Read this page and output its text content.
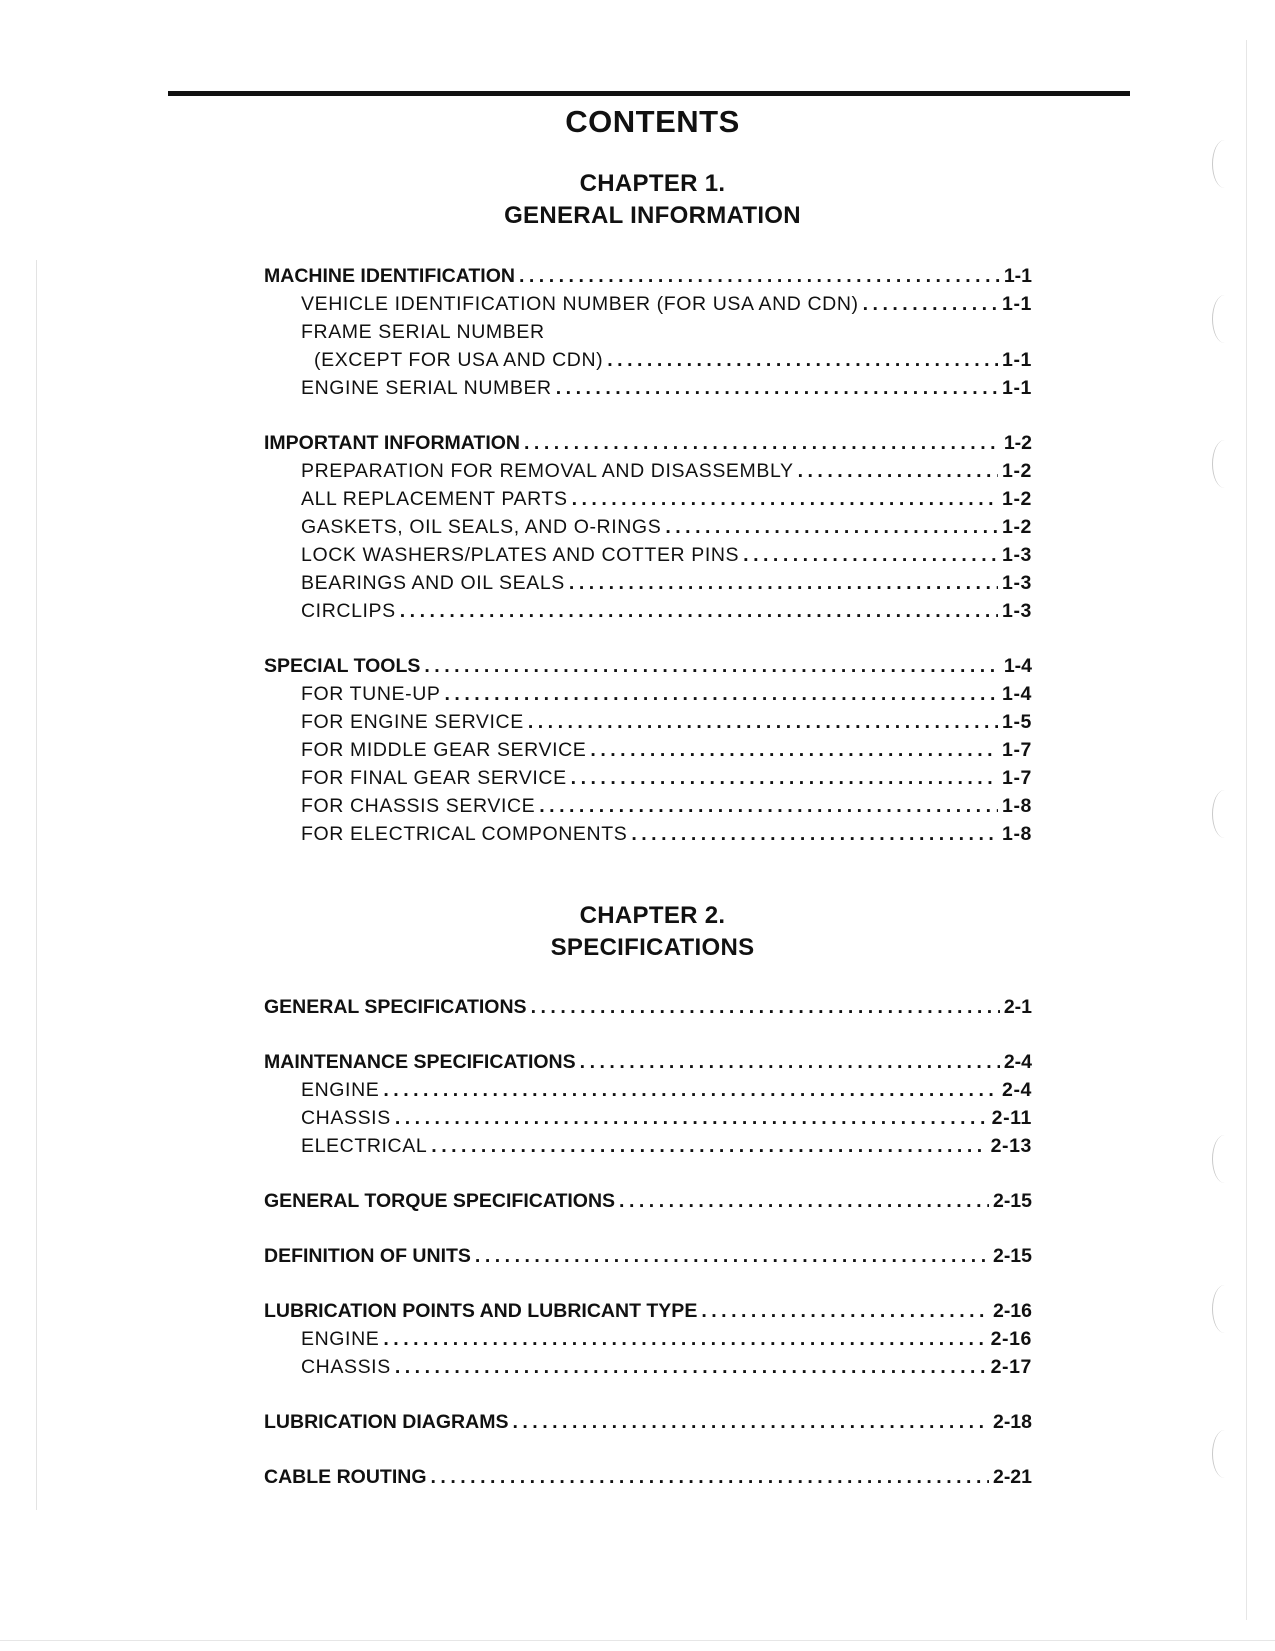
CONTENTS
CHAPTER 1.
GENERAL INFORMATION
MACHINE IDENTIFICATION .....	1-1
VEHICLE IDENTIFICATION NUMBER (FOR USA AND CDN) .....	1-1
FRAME SERIAL NUMBER
(EXCEPT FOR USA AND CDN) .....	1-1
ENGINE SERIAL NUMBER .....	1-1
IMPORTANT INFORMATION .....	1-2
PREPARATION FOR REMOVAL AND DISASSEMBLY .....	1-2
ALL REPLACEMENT PARTS .....	1-2
GASKETS, OIL SEALS, AND O-RINGS .....	1-2
LOCK WASHERS/PLATES AND COTTER PINS .....	1-3
BEARINGS AND OIL SEALS .....	1-3
CIRCLIPS .....	1-3
SPECIAL TOOLS .....	1-4
FOR TUNE-UP .....	1-4
FOR ENGINE SERVICE .....	1-5
FOR MIDDLE GEAR SERVICE .....	1-7
FOR FINAL GEAR SERVICE .....	1-7
FOR CHASSIS SERVICE .....	1-8
FOR ELECTRICAL COMPONENTS .....	1-8
CHAPTER 2.
SPECIFICATIONS
GENERAL SPECIFICATIONS .....	2-1
MAINTENANCE SPECIFICATIONS .....	2-4
ENGINE .....	2-4
CHASSIS .....	2-11
ELECTRICAL .....	2-13
GENERAL TORQUE SPECIFICATIONS .....	2-15
DEFINITION OF UNITS .....	2-15
LUBRICATION POINTS AND LUBRICANT TYPE .....	2-16
ENGINE .....	2-16
CHASSIS .....	2-17
LUBRICATION DIAGRAMS .....	2-18
CABLE ROUTING .....	2-21
